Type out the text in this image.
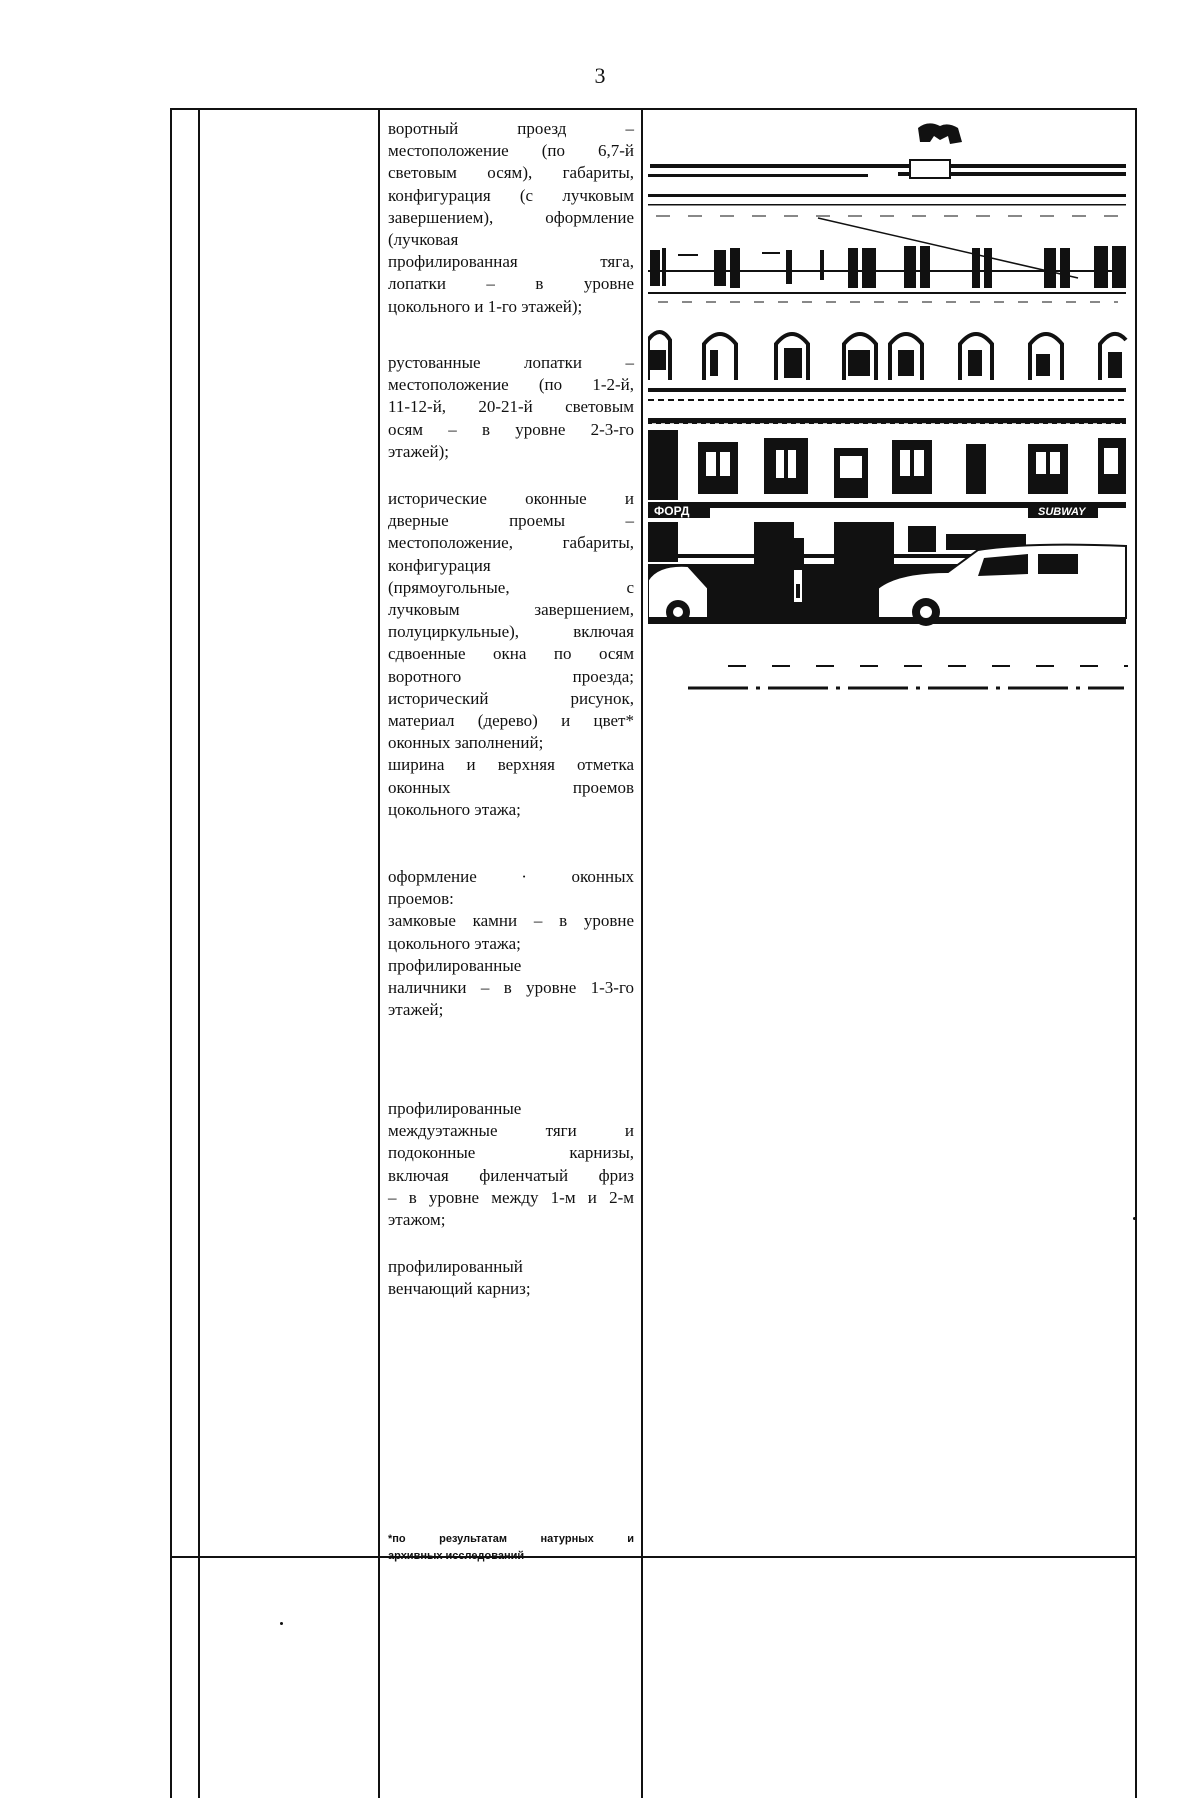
3
воротный проезд –
местоположение (по 6,7-й
световым осям), габариты,
конфигурация (с лучковым
завершением), оформление
(лучковая
профилированная тяга,
лопатки – в уровне
цокольного и 1-го этажей);
рустованные лопатки –
местоположение (по 1-2-й,
11-12-й, 20-21-й световым
осям – в уровне 2-3-го
этажей);
исторические оконные и
дверные проемы –
местоположение, габариты,
конфигурация
(прямоугольные, с
лучковым завершением,
полуциркульные), включая
сдвоенные окна по осям
воротного проезда;
исторический рисунок,
материал (дерево) и цвет*
оконных заполнений;
ширина и верхняя отметка
оконных проемов
цокольного этажа;
оформление · оконных
проемов:
замковые камни – в уровне
цокольного этажа;
профилированные
наличники – в уровне 1-3-го
этажей;
профилированные
междуэтажные тяги и
подоконные карнизы,
включая филенчатый фриз
– в уровне между 1-м и 2-м
этажом;
профилированный
венчающий карниз;
*по результатам натурных и
архивных исследований
ФОРД	SUBWAY
